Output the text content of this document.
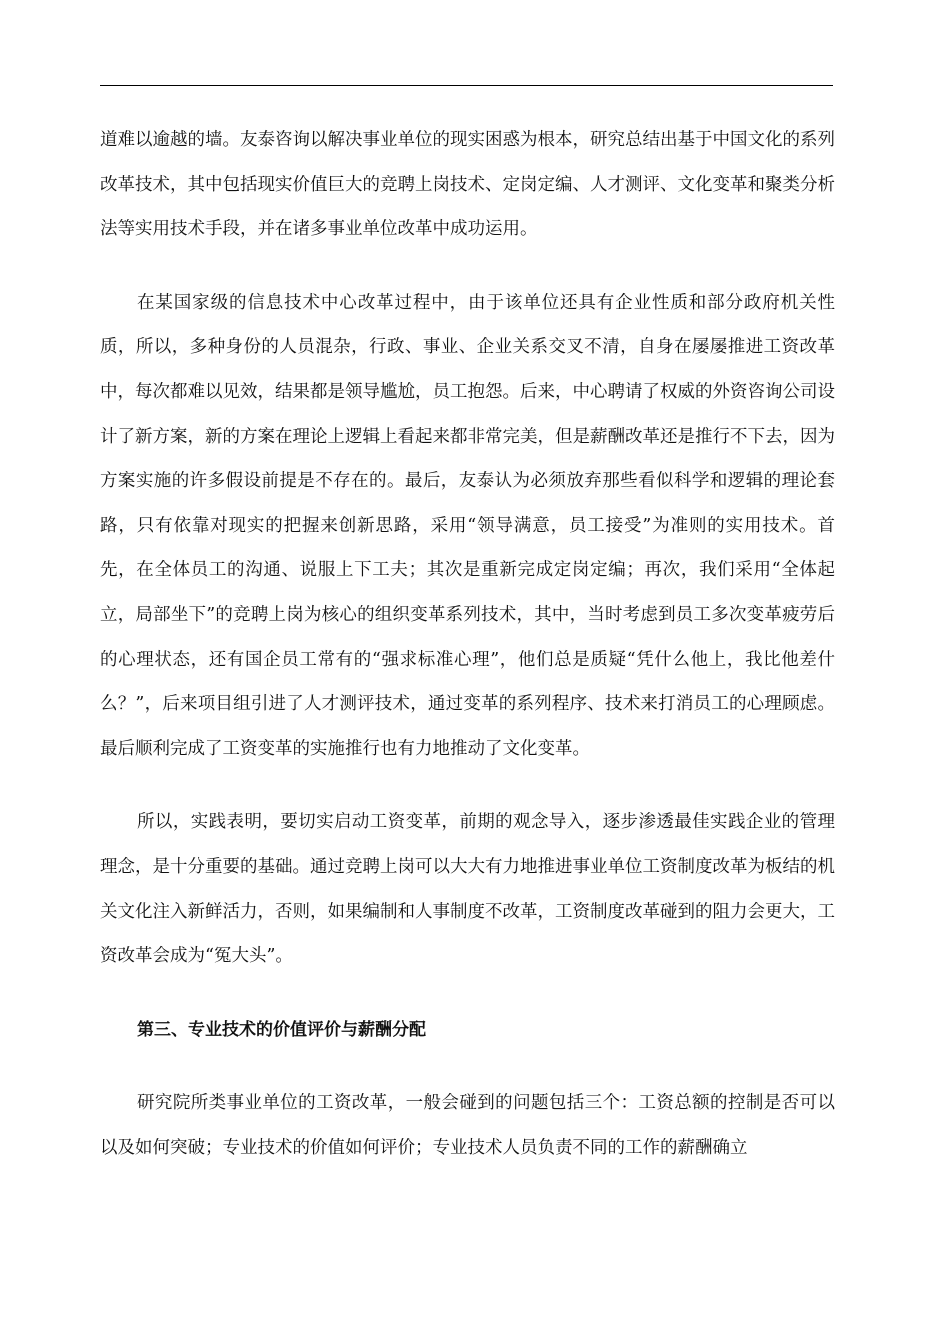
道难以逾越的墙。友泰咨询以解决事业单位的现实困惑为根本，研究总结出基于中国文化的系列改革技术，其中包括现实价值巨大的竞聘上岗技术、定岗定编、人才测评、文化变革和聚类分析法等实用技术手段，并在诸多事业单位改革中成功运用。

在某国家级的信息技术中心改革过程中，由于该单位还具有企业性质和部分政府机关性质，所以，多种身份的人员混杂，行政、事业、企业关系交叉不清，自身在屡屡推进工资改革中，每次都难以见效，结果都是领导尴尬，员工抱怨。后来，中心聘请了权威的外资咨询公司设计了新方案，新的方案在理论上逻辑上看起来都非常完美，但是薪酬改革还是推行不下去，因为方案实施的许多假设前提是不存在的。最后，友泰认为必须放弃那些看似科学和逻辑的理论套路，只有依靠对现实的把握来创新思路，采用“领导满意，员工接受”为准则的实用技术。首先，在全体员工的沟通、说服上下工夫；其次是重新完成定岗定编；再次，我们采用“全体起立，局部坐下”的竞聘上岗为核心的组织变革系列技术，其中，当时考虑到员工多次变革疲劳后的心理状态，还有国企员工常有的“强求标准心理”，他们总是质疑“凭什么他上，我比他差什么？”，后来项目组引进了人才测评技术，通过变革的系列程序、技术来打消员工的心理顾虑。最后顺利完成了工资变革的实施推行也有力地推动了文化变革。

所以，实践表明，要切实启动工资变革，前期的观念导入，逐步渗透最佳实践企业的管理理念，是十分重要的基础。通过竞聘上岗可以大大有力地推进事业单位工资制度改革为板结的机关文化注入新鲜活力，否则，如果编制和人事制度不改革，工资制度改革碰到的阻力会更大，工资改革会成为“冤大头”。

第三、专业技术的价值评价与薪酬分配

研究院所类事业单位的工资改革，一般会碰到的问题包括三个：工资总额的控制是否可以以及如何突破；专业技术的价值如何评价；专业技术人员负责不同的工作的薪酬确立
